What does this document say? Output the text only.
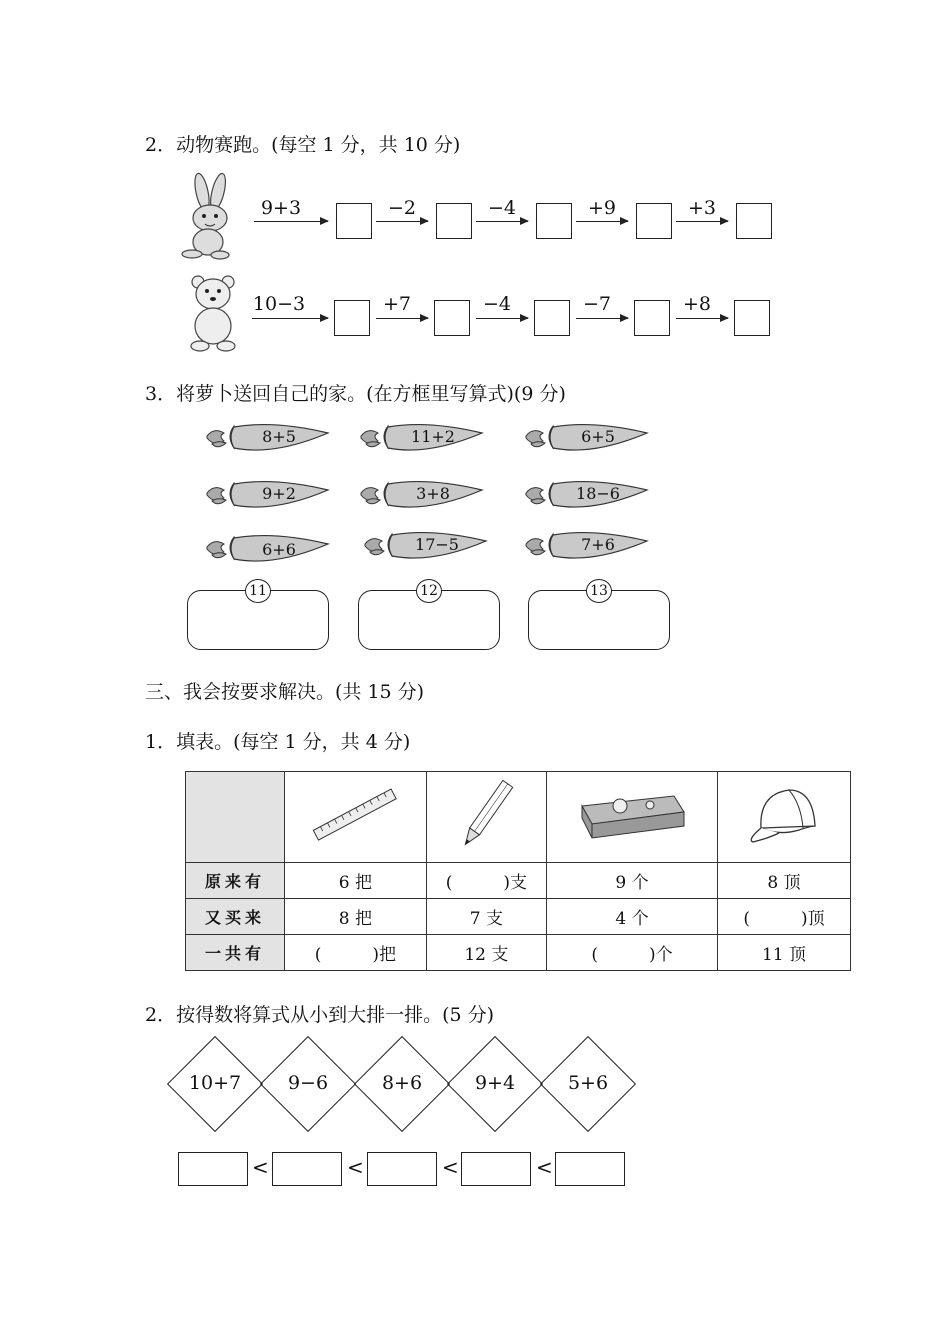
2．动物赛跑。(每空 1 分，共 10 分)
9+3	−2	−4	+9	+3
10−3	+7	−4	−7	+8
3．将萝卜送回自己的家。(在方框里写算式)(9 分)
8+5
9+2
6+6
11+2
3+8
17−5
6+5
18−6
7+6
11	12	13
三、我会按要求解决。(共 15 分)
1．填表。(每空 1 分，共 4 分)

原来有	6 把	(　　　)支	9 个	8 顶
又买来	8 把	7 支	4 个	(　　　)顶
一共有	(　　　)把	12 支	(　　　)个	11 顶
2．按得数将算式从小到大排一排。(5 分)
10+7	9−6	8+6	9+4	5+6
<	<	<	<
